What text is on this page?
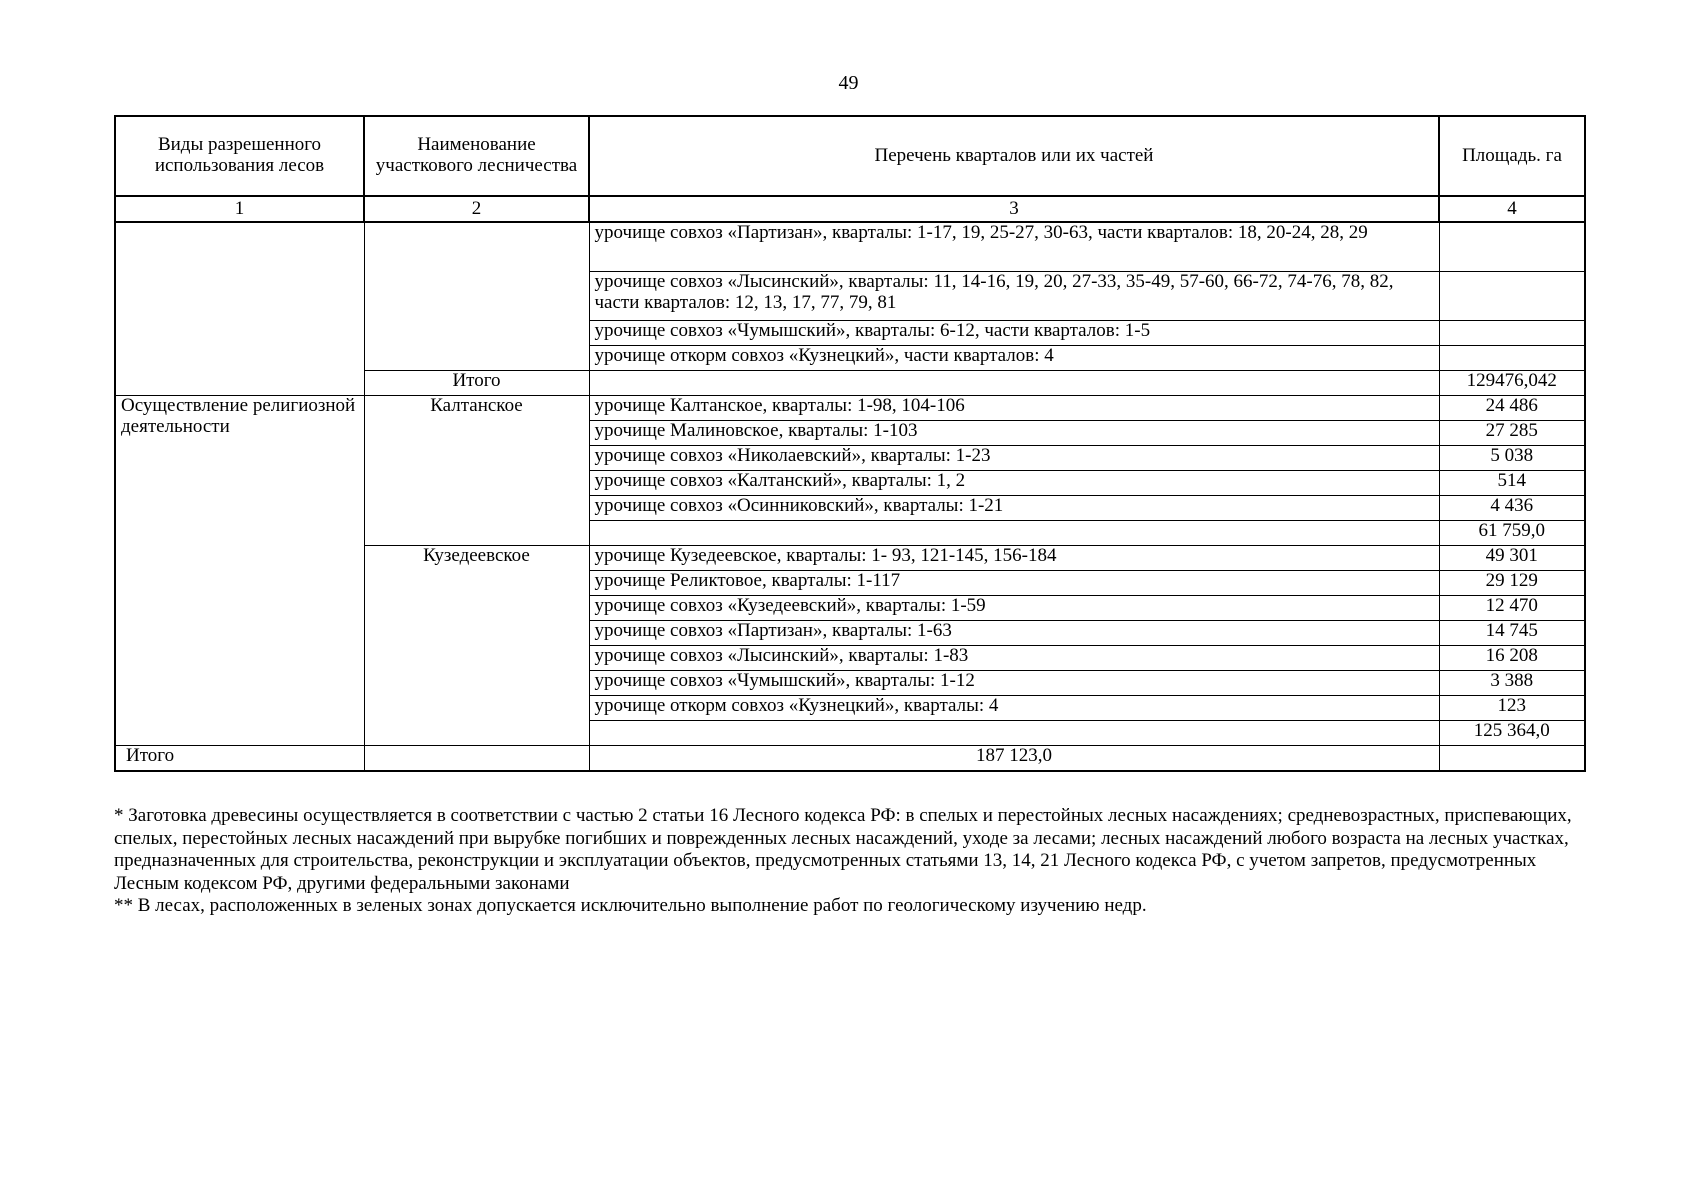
49
Виды разрешенного использования лесов	Наименование участкового лесничества	Перечень кварталов или их частей	Площадь. га
1	2	3	4
		урочище совхоз «Партизан», кварталы: 1-17, 19, 25-27, 30-63, части кварталов: 18, 20-24, 28, 29	
		урочище совхоз «Лысинский», кварталы: 11, 14-16, 19, 20, 27-33, 35-49, 57-60, 66-72, 74-76, 78, 82, части кварталов: 12, 13, 17, 77, 79, 81	
		урочище совхоз «Чумышский», кварталы: 6-12, части кварталов: 1-5	
		урочище откорм совхоз «Кузнецкий», части кварталов: 4	
	Итого		129476,042
Осуществление религиозной деятельности	Калтанское	урочище Калтанское, кварталы: 1-98, 104-106	24 486
		урочище Малиновское, кварталы: 1-103	27 285
		урочище совхоз «Николаевский», кварталы: 1-23	5 038
		урочище совхоз «Калтанский», кварталы: 1, 2	514
		урочище совхоз «Осинниковский», кварталы: 1-21	4 436
			61 759,0
	Кузедеевское	урочище Кузедеевское, кварталы: 1- 93, 121-145, 156-184	49 301
		урочище Реликтовое, кварталы: 1-117	29 129
		урочище совхоз «Кузедеевский», кварталы: 1-59	12 470
		урочище совхоз «Партизан», кварталы: 1-63	14 745
		урочище совхоз «Лысинский», кварталы: 1-83	16 208
		урочище совхоз «Чумышский», кварталы: 1-12	3 388
		урочище откорм совхоз «Кузнецкий», кварталы: 4	123
			125 364,0
Итого		187 123,0	

* Заготовка древесины осуществляется в соответствии с частью 2 статьи 16 Лесного кодекса РФ: в спелых и перестойных лесных насаждениях; средневозрастных, приспевающих, спелых, перестойных лесных насаждений при вырубке погибших и поврежденных лесных насаждений, уходе за лесами; лесных насаждений любого возраста на лесных участках, предназначенных для строительства, реконструкции и эксплуатации объектов, предусмотренных статьями 13, 14, 21 Лесного кодекса РФ, с учетом запретов, предусмотренных Лесным кодексом РФ, другими федеральными законами

** В лесах, расположенных в зеленых зонах допускается исключительно выполнение работ по геологическому изучению недр.
